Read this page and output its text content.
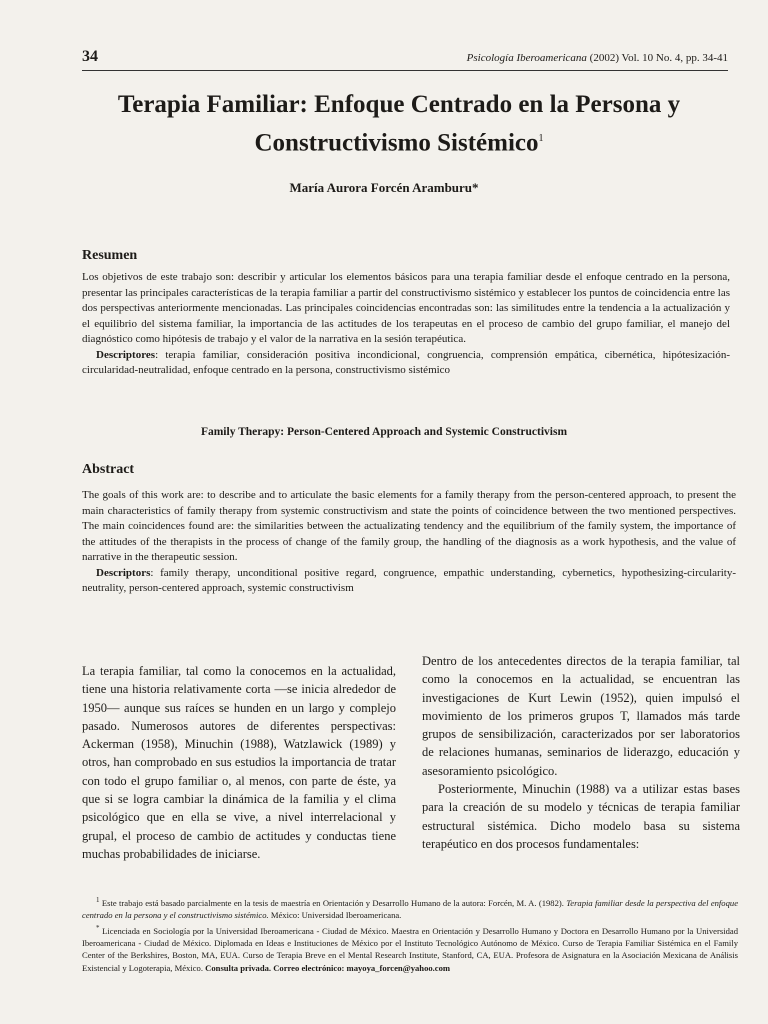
34	Psicología Iberoamericana (2002) Vol. 10 No. 4, pp. 34-41
Terapia Familiar: Enfoque Centrado en la Persona y Constructivismo Sistémico$^1$
María Aurora Forcén Aramburu*
Resumen
Los objetivos de este trabajo son: describir y articular los elementos básicos para una terapia familiar desde el enfoque centrado en la persona, presentar las principales características de la terapia familiar a partir del constructivismo sistémico y establecer los puntos de coincidencia entre las dos perspectivas anteriormente mencionadas. Las principales coincidencias encontradas son: las similitudes entre la tendencia a la actualización y el equilibrio del sistema familiar, la importancia de las actitudes de los terapeutas en el proceso de cambio del grupo familiar, el manejo del diagnóstico como hipótesis de trabajo y el valor de la narrativa en la sesión terapéutica.
Descriptores: terapia familiar, consideración positiva incondicional, congruencia, comprensión empática, cibernética, hipótesización-circularidad-neutralidad, enfoque centrado en la persona, constructivismo sistémico
Family Therapy: Person-Centered Approach and Systemic Constructivism
Abstract
The goals of this work are: to describe and to articulate the basic elements for a family therapy from the person-centered approach, to present the main characteristics of family therapy from systemic constructivism and state the points of coincidence between the two mentioned perspectives. The main coincidences found are: the similarities between the actualizating tendency and the equilibrium of the family system, the importance of the attitudes of the therapists in the process of change of the family group, the handling of the diagnosis as a work hypothesis, and the value of narrative in the therapeutic session.
Descriptors: family therapy, unconditional positive regard, congruence, empathic understanding, cybernetics, hypothesizing-circularity-neutrality, person-centered approach, systemic constructivism

La terapia familiar, tal como la conocemos en la actualidad, tiene una historia relativamente corta —se inicia alrededor de 1950— aunque sus raíces se hunden en un largo y complejo pasado. Numerosos autores de diferentes perspectivas: Ackerman (1958), Minuchin (1988), Watzlawick (1989) y otros, han comprobado en sus estudios la importancia de tratar con todo el grupo familiar o, al menos, con parte de éste, ya que si se logra cambiar la dinámica de la familia y el clima psicológico que en ella se vive, a nivel interrelacional y grupal, el proceso de cambio de actitudes y conductas tiene muchas probabilidades de iniciarse.

Dentro de los antecedentes directos de la terapia familiar, tal como la conocemos en la actualidad, se encuentran las investigaciones de Kurt Lewin (1952), quien impulsó el movimiento de los primeros grupos T, llamados más tarde grupos de sensibilización, caracterizados por ser laboratorios de relaciones humanas, seminarios de liderazgo, educación y asesoramiento psicológico.

Posteriormente, Minuchin (1988) va a utilizar estas bases para la creación de su modelo y técnicas de terapia familiar estructural sistémica. Dicho modelo basa su sistema terapéutico en dos procesos fundamentales:

$^1$ Este trabajo está basado parcialmente en la tesis de maestría en Orientación y Desarrollo Humano de la autora: Forcén, M. A. (1982). Terapia familiar desde la perspectiva del enfoque centrado en la persona y el constructivismo sistémico. México: Universidad Iberoamericana.
* Licenciada en Sociología por la Universidad Iberoamericana - Ciudad de México. Maestra en Orientación y Desarrollo Humano y Doctora en Desarrollo Humano por la Universidad Iberoamericana - Ciudad de México. Diplomada en Ideas e Instituciones de México por el Instituto Tecnológico Autónomo de México. Curso de Terapia Familiar Sistémica en el Family Center of the Berkshires, Boston, MA, EUA. Curso de Terapia Breve en el Mental Research Institute, Stanford, CA, EUA. Profesora de Asignatura en la Asociación Mexicana de Análisis Existencial y Logoterapia, México. Consulta privada. Correo electrónico: mayoya_forcen@yahoo.com
